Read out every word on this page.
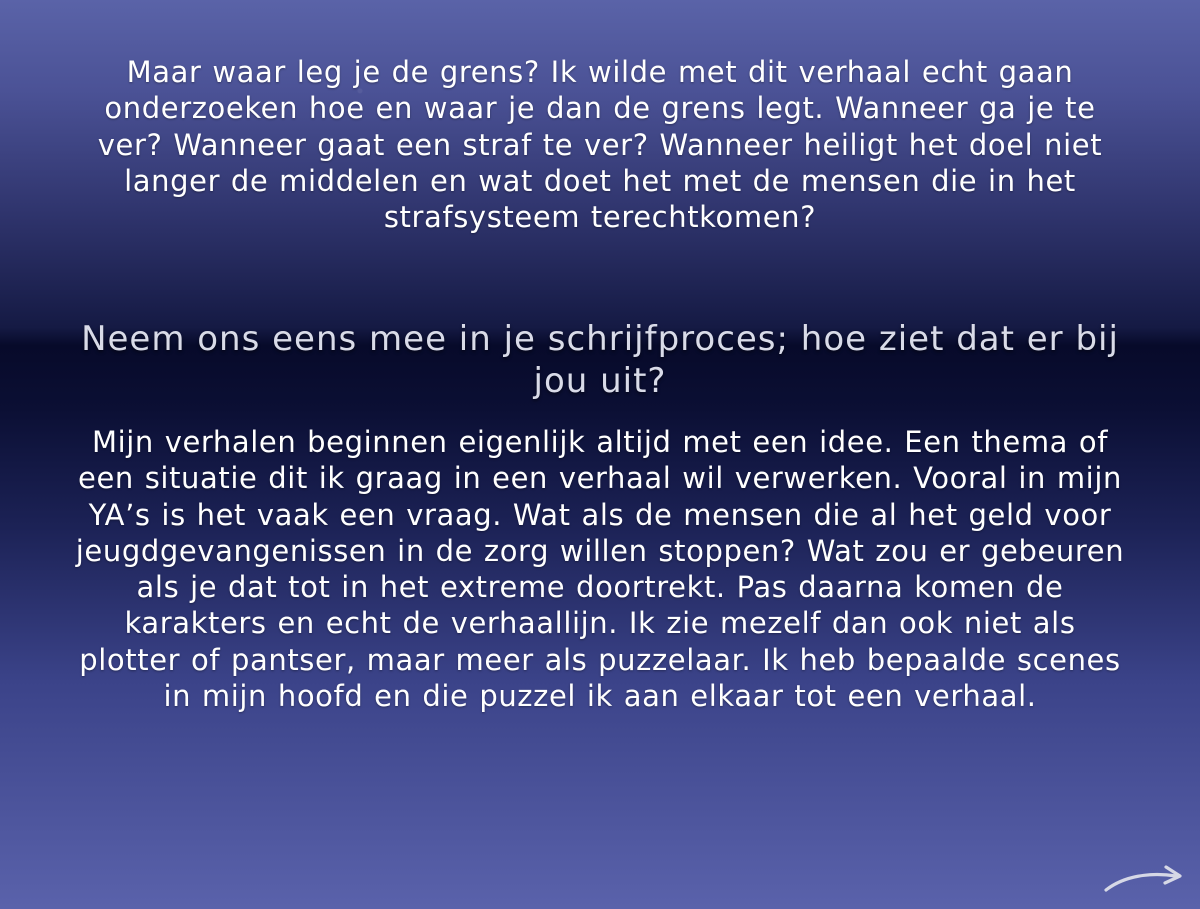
Maar waar leg je de grens? Ik wilde met dit verhaal echt gaan onderzoeken hoe en waar je dan de grens legt. Wanneer ga je te ver? Wanneer gaat een straf te ver? Wanneer heiligt het doel niet langer de middelen en wat doet het met de mensen die in het strafsysteem terechtkomen?
Neem ons eens mee in je schrijfproces; hoe ziet dat er bij jou uit?
Mijn verhalen beginnen eigenlijk altijd met een idee. Een thema of een situatie dit ik graag in een verhaal wil verwerken. Vooral in mijn YA’s is het vaak een vraag. Wat als de mensen die al het geld voor jeugdgevangenissen in de zorg willen stoppen? Wat zou er gebeuren als je dat tot in het extreme doortrekt. Pas daarna komen de karakters en echt de verhaallijn. Ik zie mezelf dan ook niet als plotter of pantser, maar meer als puzzelaar. Ik heb bepaalde scenes in mijn hoofd en die puzzel ik aan elkaar tot een verhaal.
